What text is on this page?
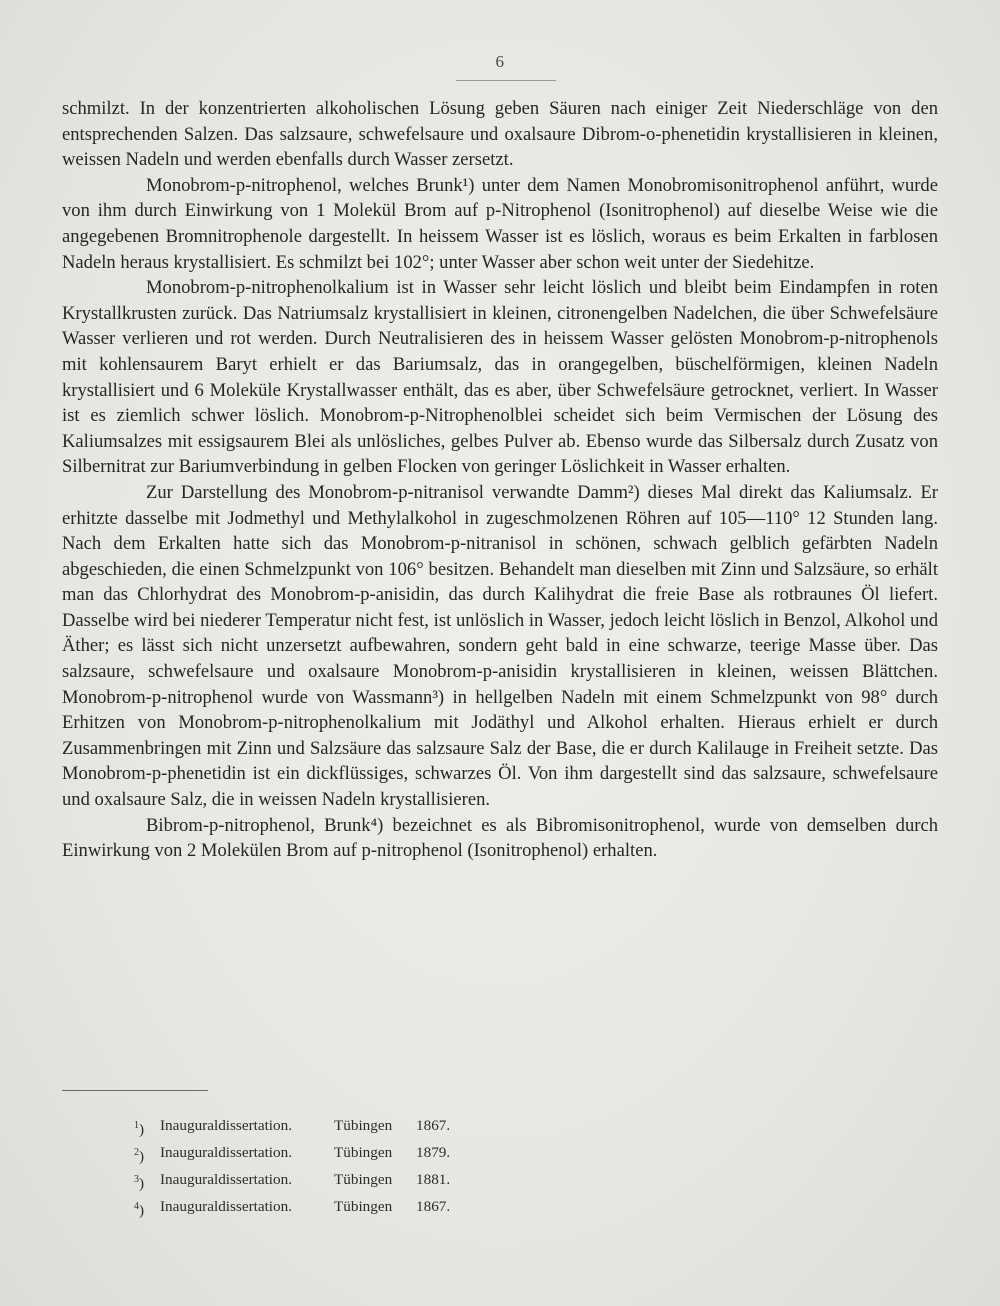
6

schmilzt. In der konzentrierten alkoholischen Lösung geben Säuren nach einiger Zeit Niederschläge von den entsprechenden Salzen. Das salzsaure, schwefelsaure und oxalsaure Dibrom-o-phenetidin krystallisieren in kleinen, weissen Nadeln und werden ebenfalls durch Wasser zersetzt.

Monobrom-p-nitrophenol, welches Brunk¹) unter dem Namen Monobromisonitrophenol anführt, wurde von ihm durch Einwirkung von 1 Molekül Brom auf p-Nitrophenol (Isonitrophenol) auf dieselbe Weise wie die angegebenen Bromnitrophenole dargestellt. In heissem Wasser ist es löslich, woraus es beim Erkalten in farblosen Nadeln heraus krystallisiert. Es schmilzt bei 102°; unter Wasser aber schon weit unter der Siedehitze.

Monobrom-p-nitrophenolkalium ist in Wasser sehr leicht löslich und bleibt beim Eindampfen in roten Krystallkrusten zurück. Das Natriumsalz krystallisiert in kleinen, citronengelben Nadelchen, die über Schwefelsäure Wasser verlieren und rot werden. Durch Neutralisieren des in heissem Wasser gelösten Monobrom-p-nitrophenols mit kohlensaurem Baryt erhielt er das Bariumsalz, das in orangegelben, büschelförmigen, kleinen Nadeln krystallisiert und 6 Moleküle Krystallwasser enthält, das es aber, über Schwefelsäure getrocknet, verliert. In Wasser ist es ziemlich schwer löslich. Monobrom-p-Nitrophenolblei scheidet sich beim Vermischen der Lösung des Kaliumsalzes mit essigsaurem Blei als unlösliches, gelbes Pulver ab. Ebenso wurde das Silbersalz durch Zusatz von Silbernitrat zur Bariumverbindung in gelben Flocken von geringer Löslichkeit in Wasser erhalten.

Zur Darstellung des Monobrom-p-nitranisol verwandte Damm²) dieses Mal direkt das Kaliumsalz. Er erhitzte dasselbe mit Jodmethyl und Methylalkohol in zugeschmolzenen Röhren auf 105—110° 12 Stunden lang. Nach dem Erkalten hatte sich das Monobrom-p-nitranisol in schönen, schwach gelblich gefärbten Nadeln abgeschieden, die einen Schmelzpunkt von 106° besitzen. Behandelt man dieselben mit Zinn und Salzsäure, so erhält man das Chlorhydrat des Monobrom-p-anisidin, das durch Kalihydrat die freie Base als rotbraunes Öl liefert. Dasselbe wird bei niederer Temperatur nicht fest, ist unlöslich in Wasser, jedoch leicht löslich in Benzol, Alkohol und Äther; es lässt sich nicht unzersetzt aufbewahren, sondern geht bald in eine schwarze, teerige Masse über. Das salzsaure, schwefelsaure und oxalsaure Monobrom-p-anisidin krystallisieren in kleinen, weissen Blättchen. Monobrom-p-nitrophenol wurde von Wassmann³) in hellgelben Nadeln mit einem Schmelzpunkt von 98° durch Erhitzen von Monobrom-p-nitrophenolkalium mit Jodäthyl und Alkohol erhalten. Hieraus erhielt er durch Zusammenbringen mit Zinn und Salzsäure das salzsaure Salz der Base, die er durch Kalilauge in Freiheit setzte. Das Monobrom-p-phenetidin ist ein dickflüssiges, schwarzes Öl. Von ihm dargestellt sind das salzsaure, schwefelsaure und oxalsaure Salz, die in weissen Nadeln krystallisieren.

Bibrom-p-nitrophenol, Brunk⁴) bezeichnet es als Bibromisonitrophenol, wurde von demselben durch Einwirkung von 2 Molekülen Brom auf p-nitrophenol (Isonitrophenol) erhalten.

$^1$)	Inauguraldissertation.	Tübingen	1867.
$^2$)	Inauguraldissertation.	Tübingen	1879.
$^3$)	Inauguraldissertation.	Tübingen	1881.
$^4$)	Inauguraldissertation.	Tübingen	1867.
